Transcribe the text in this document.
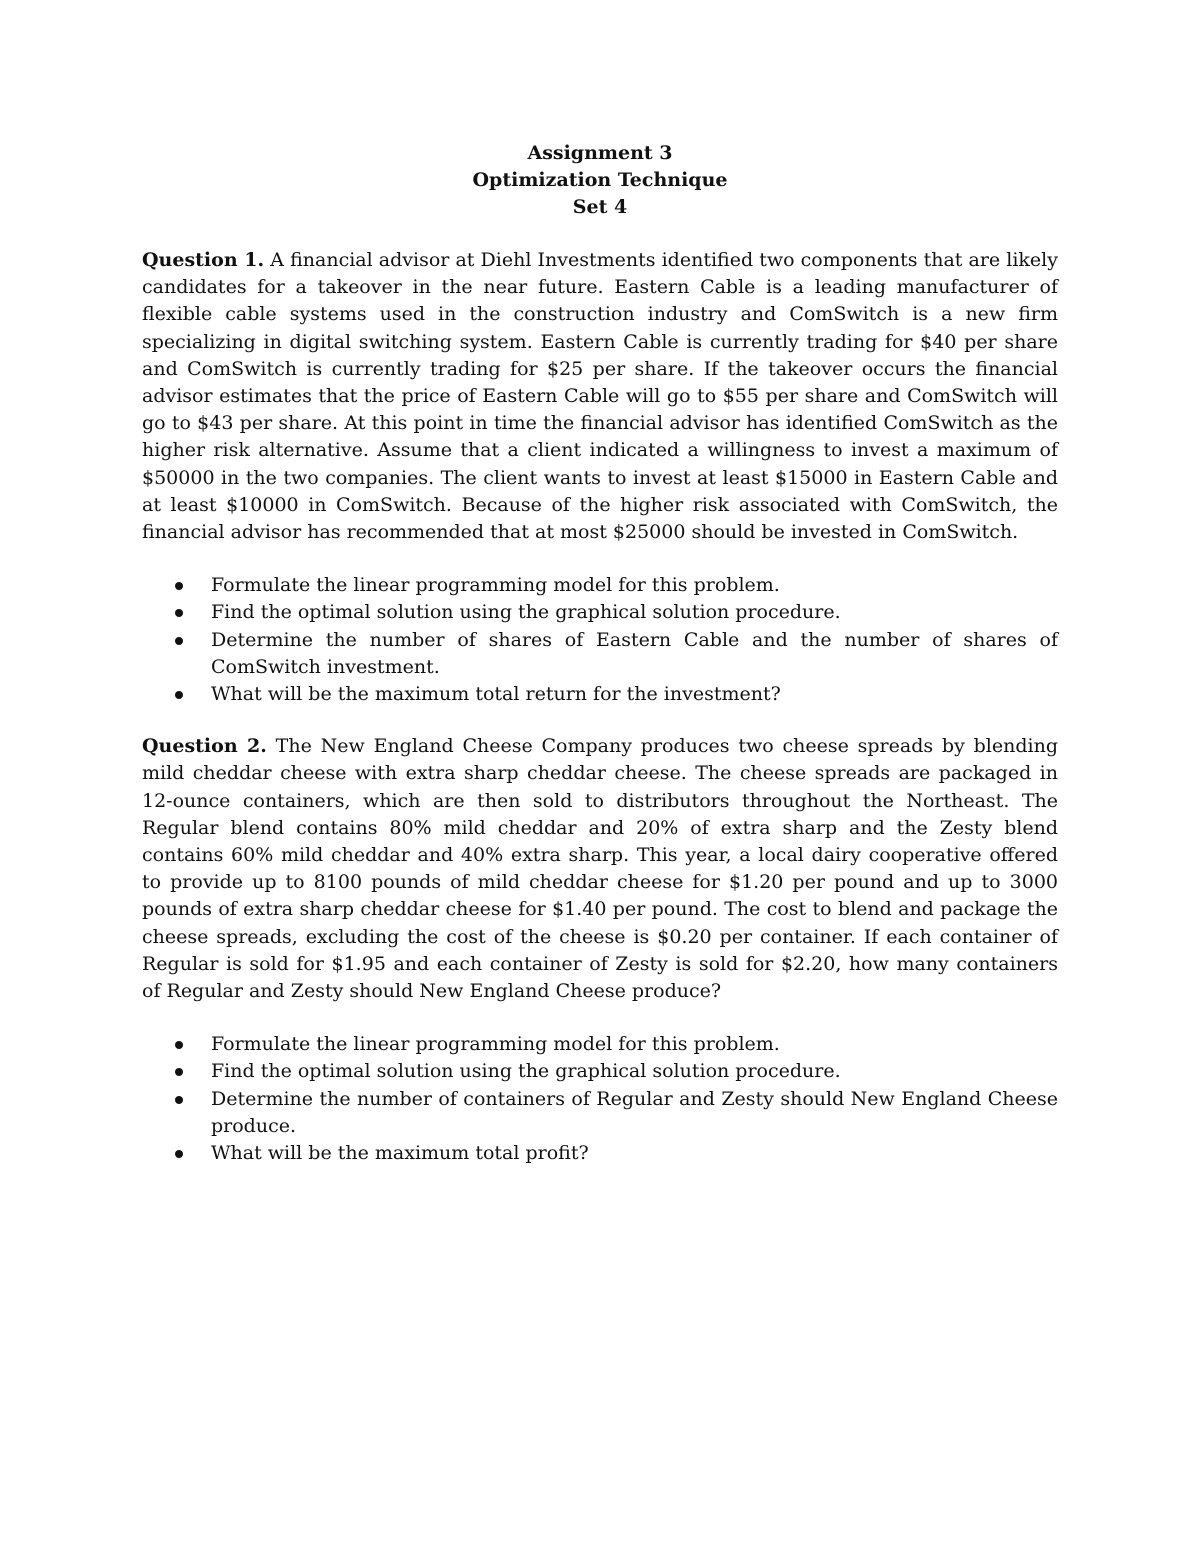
Assignment 3
Optimization Technique
Set 4

Question 1. A financial advisor at Diehl Investments identified two components that are likely candidates for a takeover in the near future. Eastern Cable is a leading manufacturer of flexible cable systems used in the construction industry and ComSwitch is a new firm specializing in digital switching system. Eastern Cable is currently trading for $40 per share and ComSwitch is currently trading for $25 per share. If the takeover occurs the financial advisor estimates that the price of Eastern Cable will go to $55 per share and ComSwitch will go to $43 per share. At this point in time the financial advisor has identified ComSwitch as the higher risk alternative. Assume that a client indicated a willingness to invest a maximum of $50000 in the two companies. The client wants to invest at least $15000 in Eastern Cable and at least $10000 in ComSwitch. Because of the higher risk associated with ComSwitch, the financial advisor has recommended that at most $25000 should be invested in ComSwitch.

Formulate the linear programming model for this problem.
Find the optimal solution using the graphical solution procedure.
Determine the number of shares of Eastern Cable and the number of shares of ComSwitch investment.
What will be the maximum total return for the investment?

Question 2. The New England Cheese Company produces two cheese spreads by blending mild cheddar cheese with extra sharp cheddar cheese. The cheese spreads are packaged in 12-ounce containers, which are then sold to distributors throughout the Northeast. The Regular blend contains 80% mild cheddar and 20% of extra sharp and the Zesty blend contains 60% mild cheddar and 40% extra sharp. This year, a local dairy cooperative offered to provide up to 8100 pounds of mild cheddar cheese for $1.20 per pound and up to 3000 pounds of extra sharp cheddar cheese for $1.40 per pound. The cost to blend and package the cheese spreads, excluding the cost of the cheese is $0.20 per container. If each container of Regular is sold for $1.95 and each container of Zesty is sold for $2.20, how many containers of Regular and Zesty should New England Cheese produce?

Formulate the linear programming model for this problem.
Find the optimal solution using the graphical solution procedure.
Determine the number of containers of Regular and Zesty should New England Cheese produce.
What will be the maximum total profit?
